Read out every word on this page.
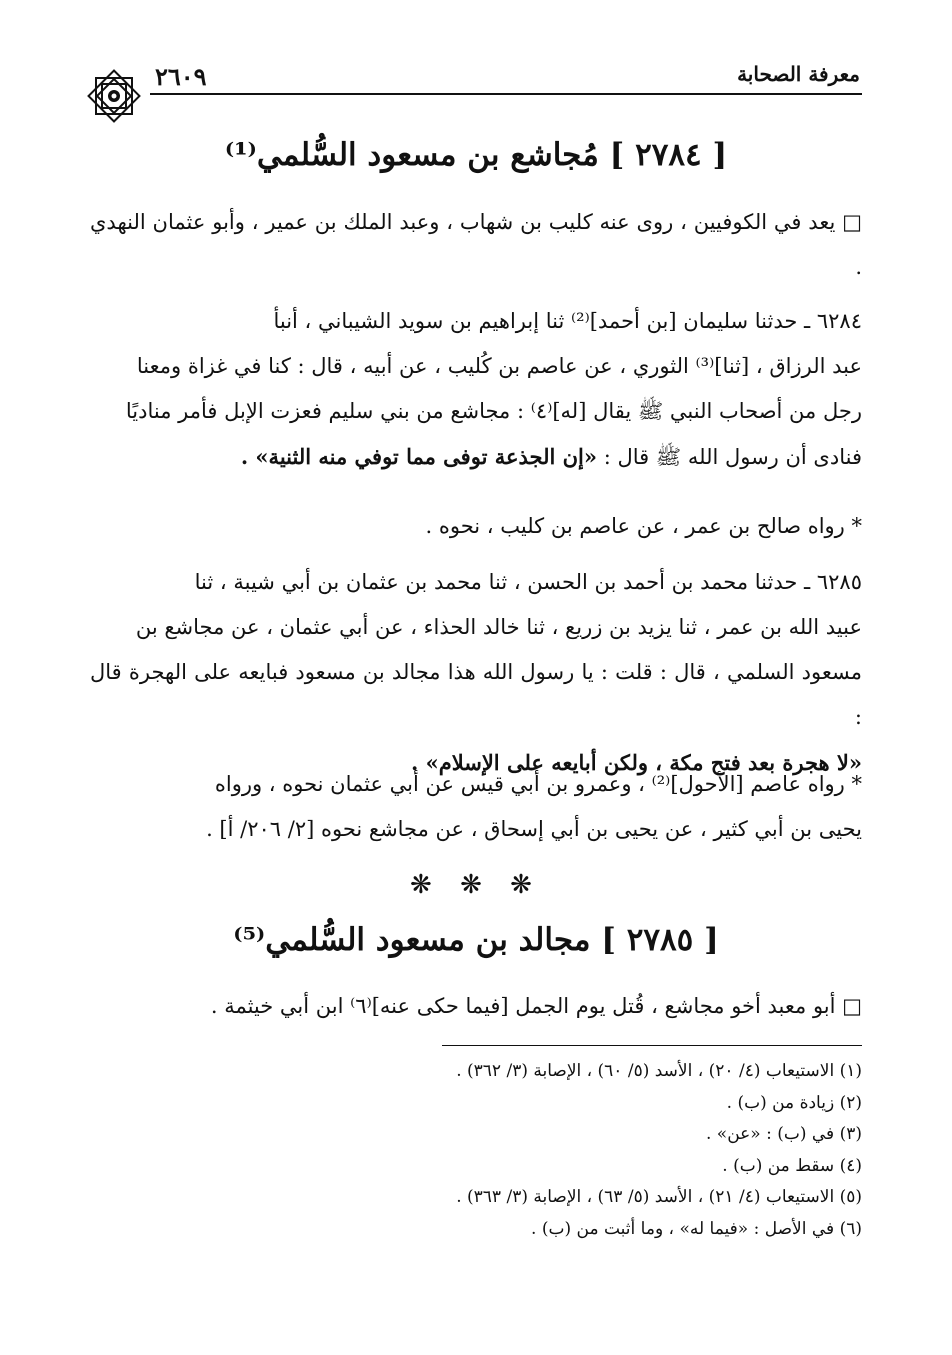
معرفة الصحابة
٢٦٠٩
[ ٢٧٨٤ ] مُجاشع بن مسعود السُّلمي⁽¹⁾

□ يعد في الكوفيين ، روى عنه كليب بن شهاب ، وعبد الملك بن عمير ، وأبو عثمان النهدي .

٦٢٨٤ ـ حدثنا سليمان [بن أحمد]⁽²⁾ ثنا إبراهيم بن سويد الشيباني ، أنبأ

عبد الرزاق ، [ثنا]⁽³⁾ الثوري ، عن عاصم بن كُليب ، عن أبيه ، قال : كنا في غزاة ومعنا

رجل من أصحاب النبي ﷺ يقال [له]⁽٤⁾ : مجاشع من بني سليم فعزت الإبل فأمر مناديًا

فنادى أن رسول الله ﷺ قال : «إن الجذعة توفى مما توفي منه الثنية» .

* رواه صالح بن عمر ، عن عاصم بن كليب ، نحوه .

٦٢٨٥ ـ حدثنا محمد بن أحمد بن الحسن ، ثنا محمد بن عثمان بن أبي شيبة ، ثنا

عبيد الله بن عمر ، ثنا يزيد بن زريع ، ثنا خالد الحذاء ، عن أبي عثمان ، عن مجاشع بن

مسعود السلمي ، قال : قلت : يا رسول الله هذا مجالد بن مسعود فبايعه على الهجرة قال :

«لا هجرة بعد فتح مكة ، ولكن أبايعه على الإسلام» .

* رواه عاصم [الأحول]⁽²⁾ ، وعمرو بن أبي قيس عن أبي عثمان نحوه ، ورواه

يحيى بن أبي كثير ، عن يحيى بن أبي إسحاق ، عن مجاشع نحوه [٢/ ٢٠٦/ أ] .

❋ ❋ ❋
[ ٢٧٨٥ ] مجالد بن مسعود السُّلمي⁽⁵⁾

□ أبو معبد أخو مجاشع ، قُتل يوم الجمل [فيما حكى عنه]⁽٦⁾ ابن أبي خيثمة .

(١) الاستيعاب (٤/ ٢٠) ، الأسد (٥/ ٦٠) ، الإصابة (٣/ ٣٦٢) .
(٢) زيادة من (ب) .
(٣) في (ب) : «عن» .
(٤) سقط من (ب) .
(٥) الاستيعاب (٤/ ٢١) ، الأسد (٥/ ٦٣) ، الإصابة (٣/ ٣٦٣) .
(٦) في الأصل : «فيما له» ، وما أثبت من (ب) .
